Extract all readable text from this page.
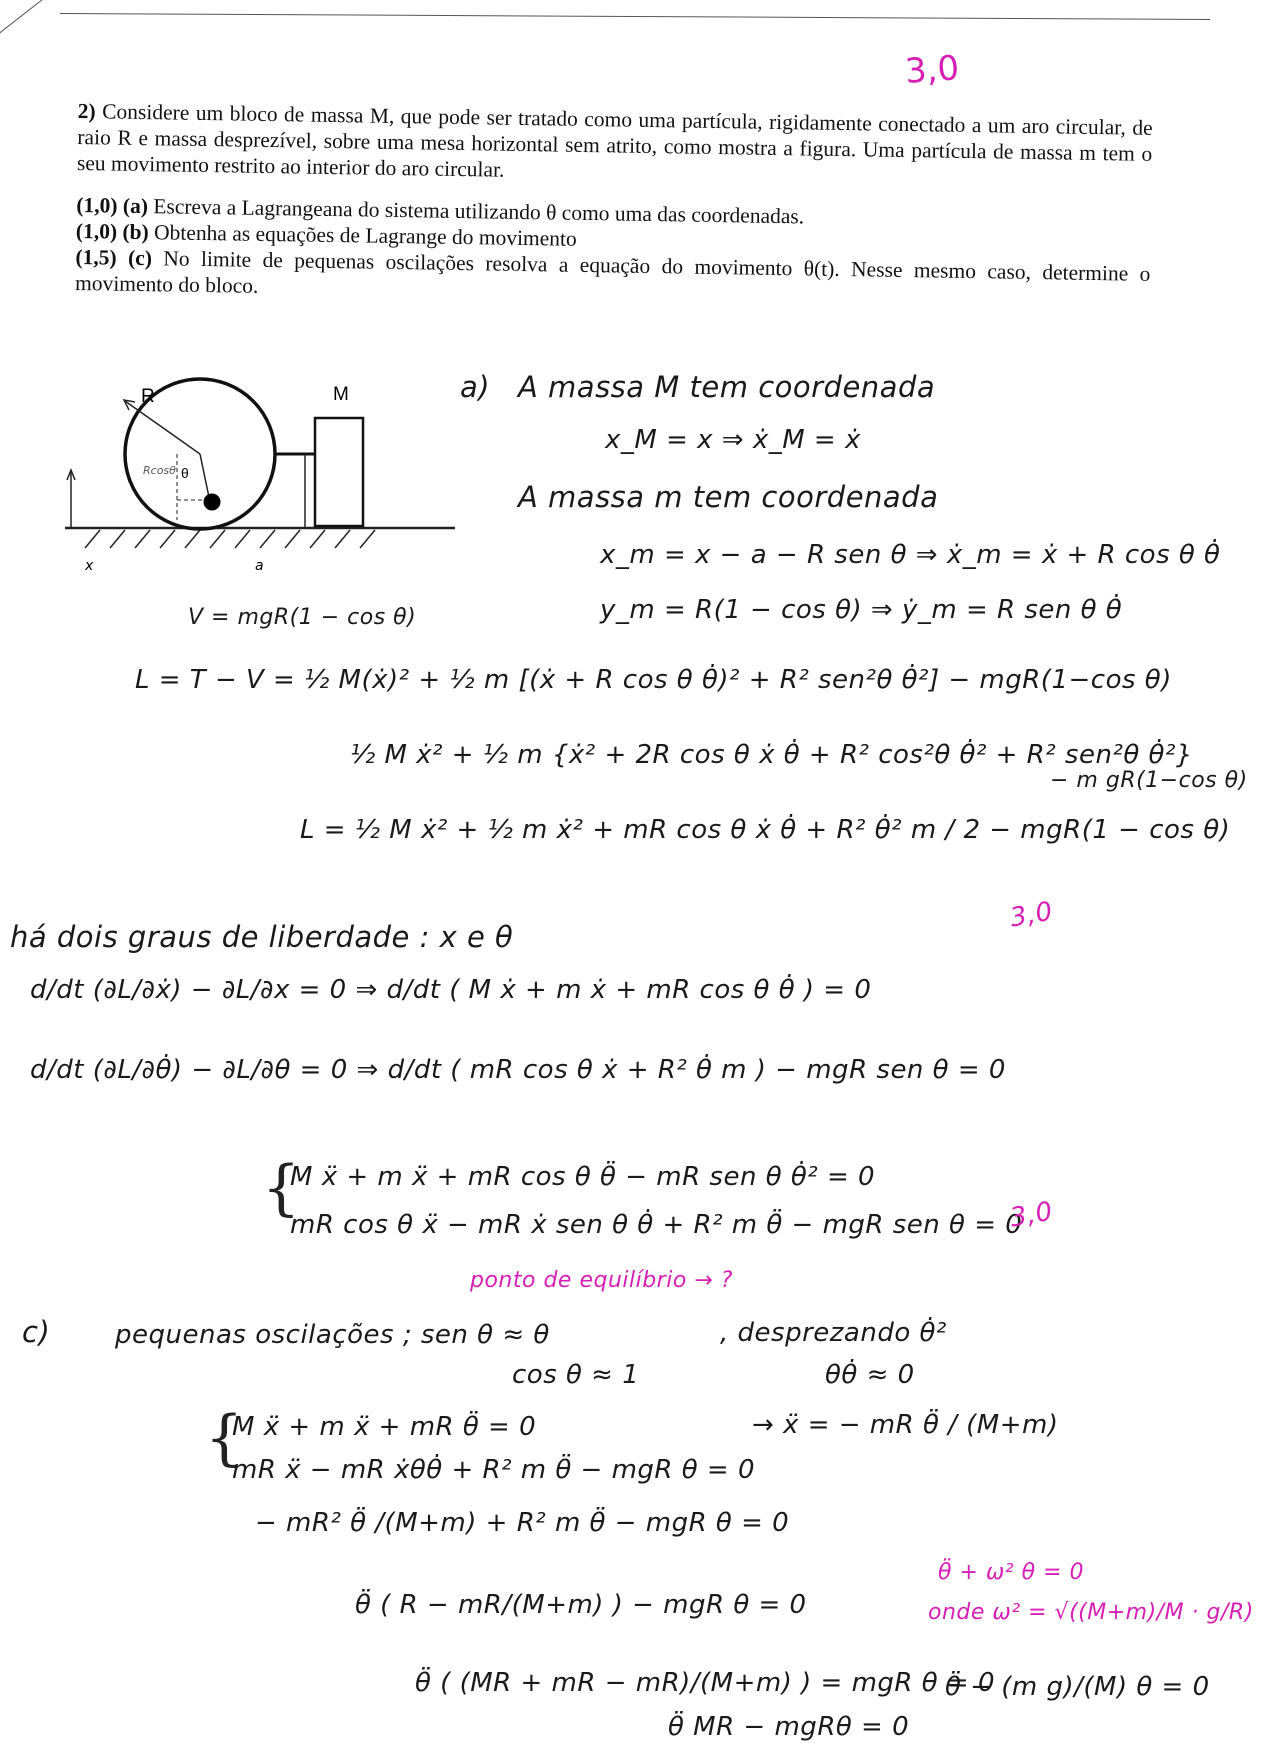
3,0

2) Considere um bloco de massa M, que pode ser tratado como uma partícula, rigidamente conectado a um aro circular, de raio R e massa desprezível, sobre uma mesa horizontal sem atrito, como mostra a figura. Uma partícula de massa m tem o seu movimento restrito ao interior do aro circular.

(1,0) (a) Escreva a Lagrangeana do sistema utilizando θ como uma das coordenadas.

(1,0) (b) Obtenha as equações de Lagrange do movimento

(1,5) (c) No limite de pequenas oscilações resolva a equação do movimento θ(t). Nesse mesmo caso, determine o movimento do bloco.

M
R
θ
Rcosθ
x	a
a) A massa M tem coordenada
x_M = x ⇒ ẋ_M = ẋ
A massa m tem coordenada
x_m = x − a − R sen θ ⇒ ẋ_m = ẋ + R cos θ θ̇
y_m = R(1 − cos θ) ⇒ ẏ_m = R sen θ θ̇
V = mgR(1 − cos θ)
L = T − V = ½ M(ẋ)² + ½ m [(ẋ + R cos θ θ̇)² + R² sen²θ θ̇²] − mgR(1−cos θ)
½ M ẋ² + ½ m {ẋ² + 2R cos θ ẋ θ̇ + R² cos²θ θ̇² + R² sen²θ θ̇²}
− m gR(1−cos θ)
L = ½ M ẋ² + ½ m ẋ² + mR cos θ ẋ θ̇ + R² θ̇² m / 2 − mgR(1 − cos θ)
3,0
há dois graus de liberdade : x e θ
d/dt (∂L/∂ẋ) − ∂L/∂x = 0 ⇒ d/dt ( M ẋ + m ẋ + mR cos θ θ̇ ) = 0
d/dt (∂L/∂θ̇) − ∂L/∂θ = 0 ⇒ d/dt ( mR cos θ ẋ + R² θ̇ m ) − mgR sen θ = 0
{
M ẍ + m ẍ + mR cos θ θ̈ − mR sen θ θ̇² = 0
mR cos θ ẍ − mR ẋ sen θ θ̇ + R² m θ̈ − mgR sen θ = 0
3,0
ponto de equilíbrio → ?
c) pequenas oscilações ; sen θ ≈ θ
cos θ ≈ 1
, desprezando θ̇²
θθ̇ ≈ 0
{
M ẍ + m ẍ + mR θ̈ = 0	→ ẍ = − mR θ̈ / (M+m)
mR ẍ − mR ẋθθ̇ + R² m θ̈ − mgR θ = 0
− mR² θ̈ /(M+m) + R² m θ̈ − mgR θ = 0
θ̈ ( R − mR/(M+m) ) − mgR θ = 0
θ̈ ( (MR + mR − mR)/(M+m) ) = mgR θ = 0
θ̈ MR − mgRθ = 0
θ̈ + ω² θ = 0
onde ω² = √((M+m)/M · g/R)
θ̈ − (m g)/(M) θ = 0
